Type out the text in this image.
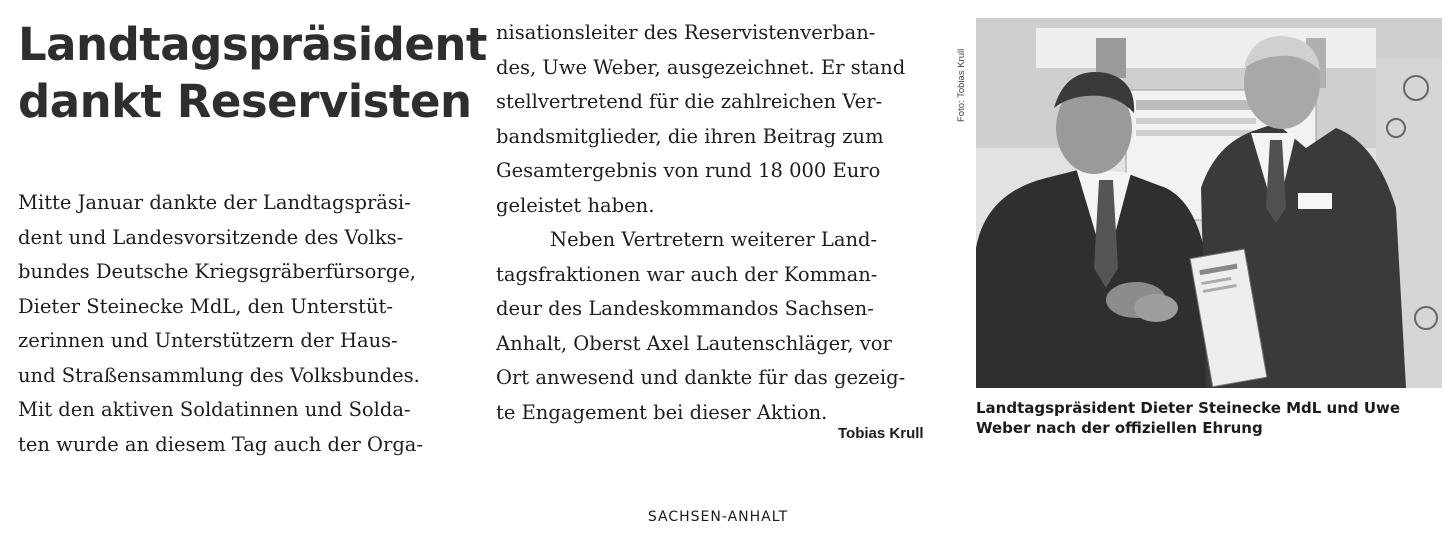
Landtagspräsident
dankt Reservisten
Mitte Januar dankte der Landtagspräsi-
dent und Landesvorsitzende des Volks-
bundes Deutsche Kriegsgräberfürsorge,
Dieter Steinecke MdL, den Unterstüt-
zerinnen und Unterstützern der Haus-
und Straßensammlung des Volksbundes.
Mit den aktiven Soldatinnen und Solda-
ten wurde an diesem Tag auch der Orga-
nisationsleiter des Reservistenverban-
des, Uwe Weber, ausgezeichnet. Er stand
stellvertretend für die zahlreichen Ver-
bandsmitglieder, die ihren Beitrag zum
Gesamtergebnis von rund 18 000 Euro
geleistet haben.
Neben Vertretern weiterer Land-
tagsfraktionen war auch der Komman-
deur des Landeskommandos Sachsen-
Anhalt, Oberst Axel Lautenschläger, vor
Ort anwesend und dankte für das gezeig-
te Engagement bei dieser Aktion.
Tobias Krull
Foto: Tobias Krull
Landtagspräsident Dieter Steinecke MdL und Uwe
Weber nach der offiziellen Ehrung
SACHSEN-ANHALT
